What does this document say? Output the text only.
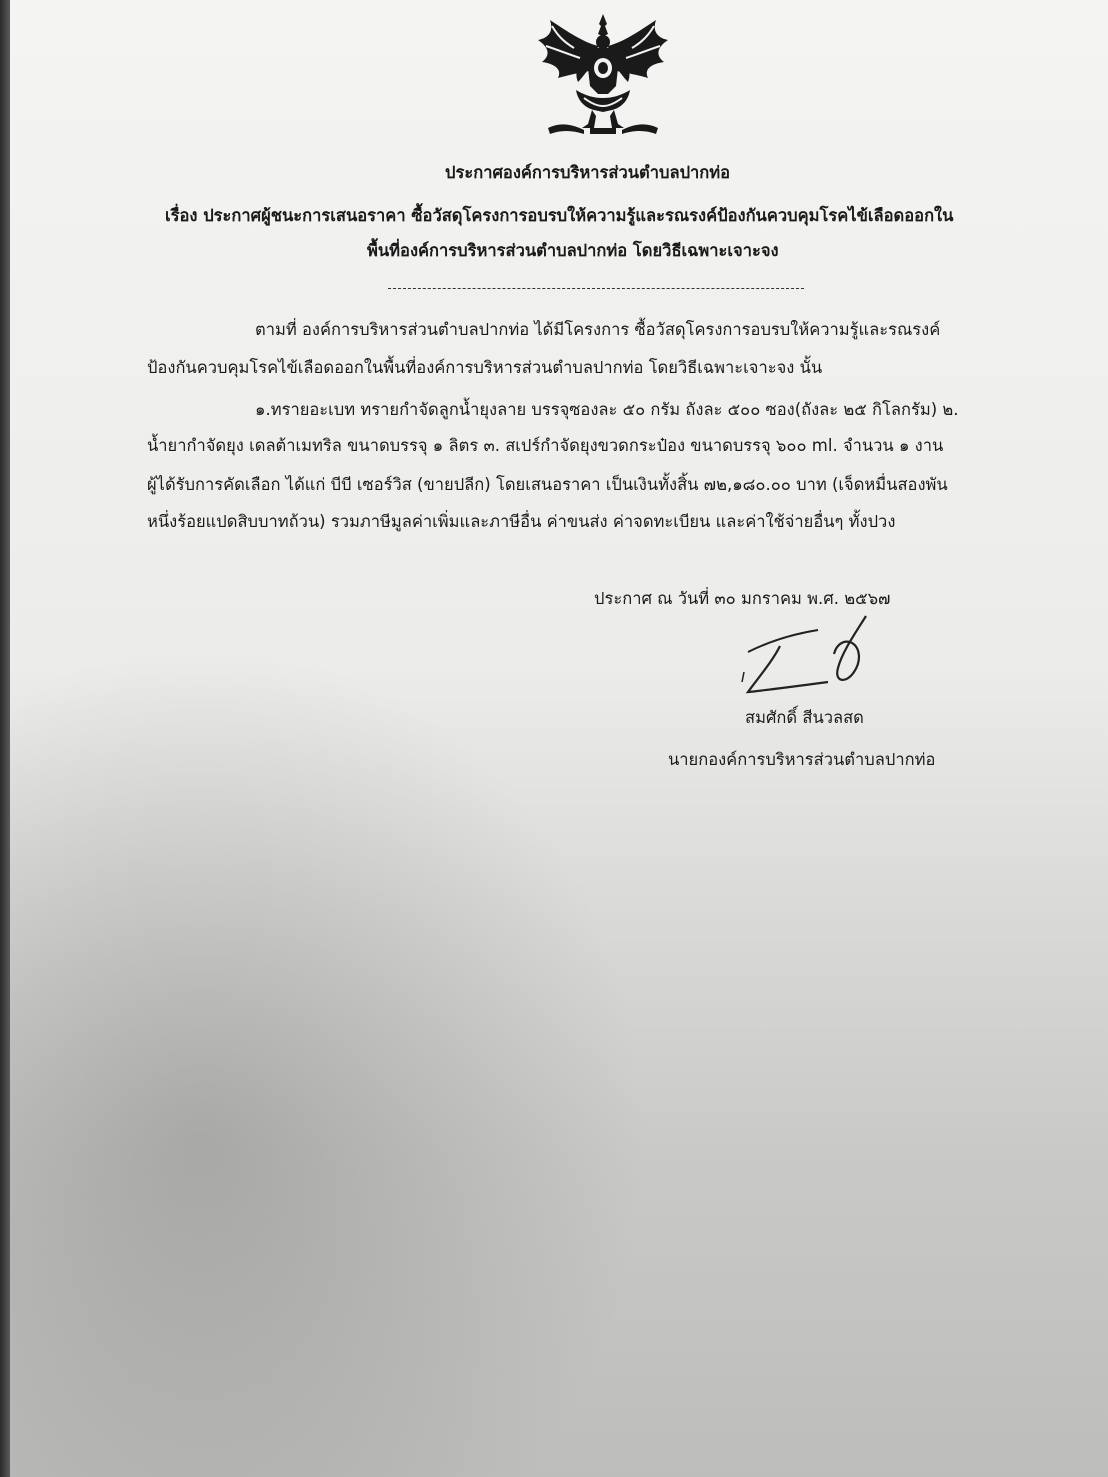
ประกาศองค์การบริหารส่วนตำบลปากท่อ
เรื่อง ประกาศผู้ชนะการเสนอราคา ซื้อวัสดุโครงการอบรบให้ความรู้และรณรงค์ป้องกันควบคุมโรคไข้เลือดออกใน
พื้นที่องค์การบริหารส่วนตำบลปากท่อ โดยวิธีเฉพาะเจาะจง
ตามที่ องค์การบริหารส่วนตำบลปากท่อ ได้มีโครงการ ซื้อวัสดุโครงการอบรบให้ความรู้และรณรงค์
ป้องกันควบคุมโรคไข้เลือดออกในพื้นที่องค์การบริหารส่วนตำบลปากท่อ โดยวิธีเฉพาะเจาะจง นั้น
๑.ทรายอะเบท ทรายกำจัดลูกน้ำยุงลาย บรรจุซองละ ๕๐ กรัม ถังละ ๕๐๐ ซอง(ถังละ ๒๕ กิโลกรัม) ๒.
น้ำยากำจัดยุง เดลต้าเมทริล ขนาดบรรจุ ๑ ลิตร ๓. สเปร์กำจัดยุงขวดกระป๋อง ขนาดบรรจุ ๖๐๐ ml. จำนวน ๑ งาน
ผู้ได้รับการคัดเลือก ได้แก่ บีบี เซอร์วิส (ขายปลีก) โดยเสนอราคา เป็นเงินทั้งสิ้น ๗๒,๑๘๐.๐๐ บาท (เจ็ดหมื่นสองพัน
หนึ่งร้อยแปดสิบบาทถ้วน) รวมภาษีมูลค่าเพิ่มและภาษีอื่น ค่าขนส่ง ค่าจดทะเบียน และค่าใช้จ่ายอื่นๆ ทั้งปวง
ประกาศ ณ วันที่ ๓๐ มกราคม พ.ศ. ๒๕๖๗
สมศักดิ์ สีนวลสด
นายกองค์การบริหารส่วนตำบลปากท่อ
